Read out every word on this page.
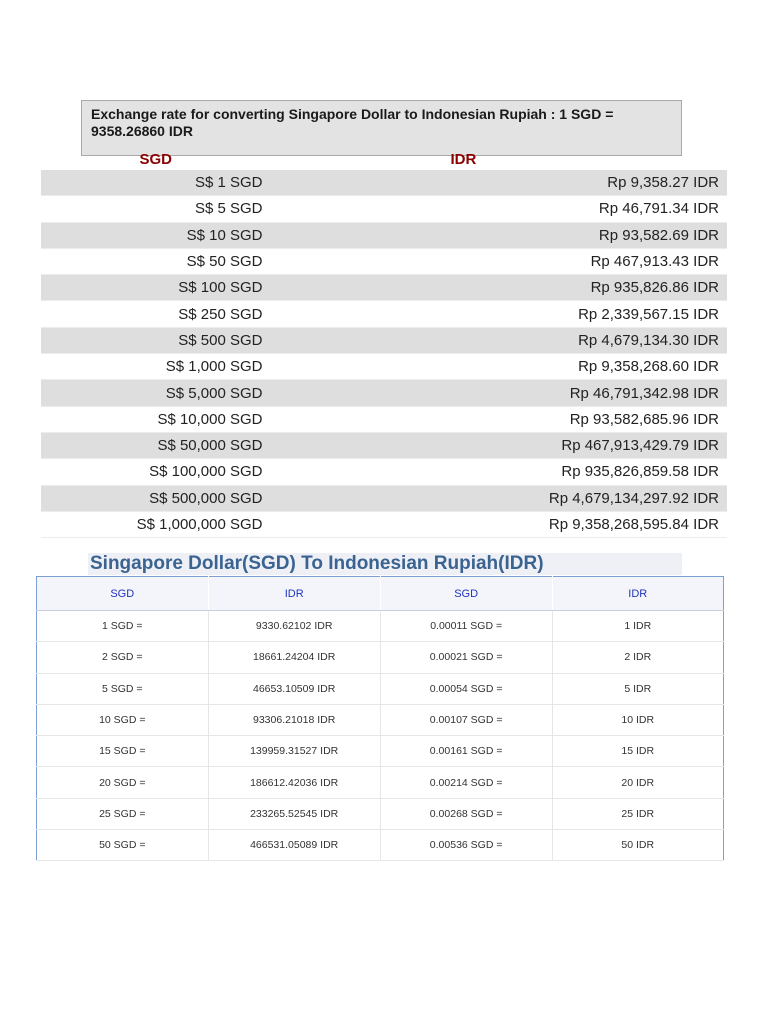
Exchange rate for converting Singapore Dollar to Indonesian Rupiah : 1 SGD = 9358.26860 IDR
SGD	IDR
S$ 1 SGD	Rp 9,358.27 IDR
S$ 5 SGD	Rp 46,791.34 IDR
S$ 10 SGD	Rp 93,582.69 IDR
S$ 50 SGD	Rp 467,913.43 IDR
S$ 100 SGD	Rp 935,826.86 IDR
S$ 250 SGD	Rp 2,339,567.15 IDR
S$ 500 SGD	Rp 4,679,134.30 IDR
S$ 1,000 SGD	Rp 9,358,268.60 IDR
S$ 5,000 SGD	Rp 46,791,342.98 IDR
S$ 10,000 SGD	Rp 93,582,685.96 IDR
S$ 50,000 SGD	Rp 467,913,429.79 IDR
S$ 100,000 SGD	Rp 935,826,859.58 IDR
S$ 500,000 SGD	Rp 4,679,134,297.92 IDR
S$ 1,000,000 SGD	Rp 9,358,268,595.84 IDR
Singapore Dollar(SGD) To Indonesian Rupiah(IDR)
SGD	IDR	SGD	IDR
1 SGD =	9330.62102 IDR	0.00011 SGD =	1 IDR
2 SGD =	18661.24204 IDR	0.00021 SGD =	2 IDR
5 SGD =	46653.10509 IDR	0.00054 SGD =	5 IDR
10 SGD =	93306.21018 IDR	0.00107 SGD =	10 IDR
15 SGD =	139959.31527 IDR	0.00161 SGD =	15 IDR
20 SGD =	186612.42036 IDR	0.00214 SGD =	20 IDR
25 SGD =	233265.52545 IDR	0.00268 SGD =	25 IDR
50 SGD =	466531.05089 IDR	0.00536 SGD =	50 IDR
